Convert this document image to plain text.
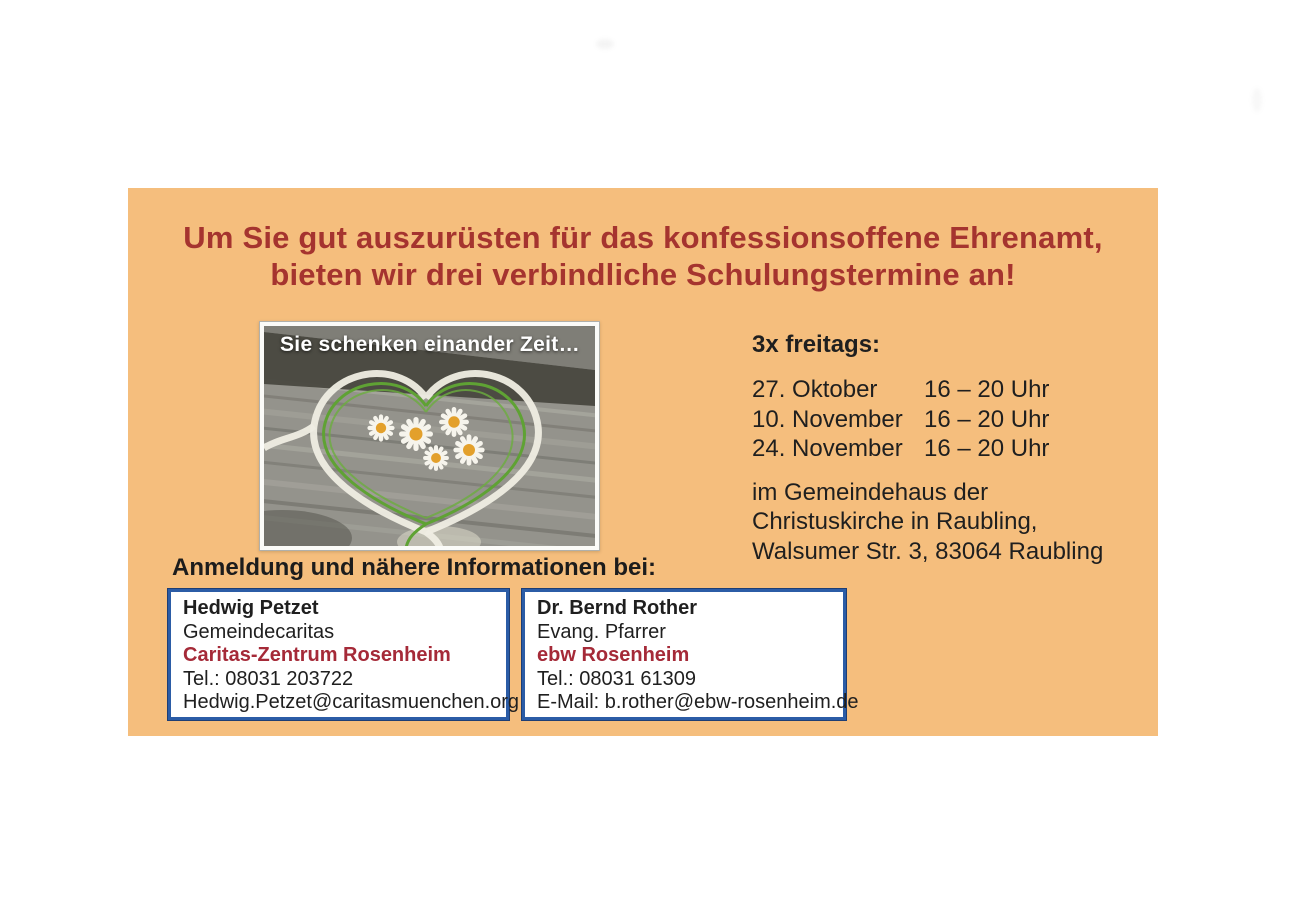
Um Sie gut auszurüsten für das konfessionsoffene Ehrenamt,
bieten wir drei verbindliche Schulungstermine an!
Sie schenken einander Zeit…	3x freitags:
27. Oktober	16 – 20 Uhr
10. November 16 – 20 Uhr
24. November 16 – 20 Uhr
im Gemeindehaus der
Christuskirche in Raubling,
Walsumer Str. 3, 83064 Raubling
Anmeldung und nähere Informationen bei:
Hedwig Petzet
Gemeindecaritas
Caritas-Zentrum Rosenheim
Tel.: 08031 203722
Hedwig.Petzet@caritasmuenchen.org
Dr. Bernd Rother
Evang. Pfarrer
ebw Rosenheim
Tel.: 08031 61309
E-Mail: b.rother@ebw-rosenheim.de
